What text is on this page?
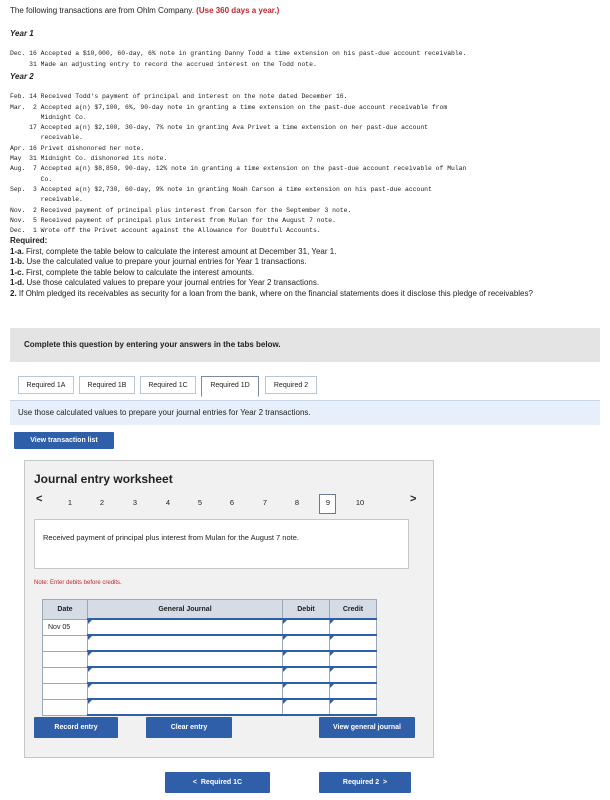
The following transactions are from Ohlm Company. (Use 360 days a year.)
Year 1

Dec. 16 Accepted a $10,000, 60-day, 6% note in granting Danny Todd a time extension on his past-due account receivable.
31 Made an adjusting entry to record the accrued interest on the Todd note.

Year 2

Feb. 14 Received Todd's payment of principal and interest on the note dated December 16.
Mar.  2 Accepted a(n) $7,100, 6%, 90-day note in granting a time extension on the past-due account receivable from
Midnight Co.
17 Accepted a(n) $2,100, 30-day, 7% note in granting Ava Privet a time extension on her past-due account
receivable.
Apr. 16 Privet dishonored her note.
May  31 Midnight Co. dishonored its note.
Aug.  7 Accepted a(n) $8,850, 90-day, 12% note in granting a time extension on the past-due account receivable of Mulan
Co.
Sep.  3 Accepted a(n) $2,730, 60-day, 9% note in granting Noah Carson a time extension on his past-due account
receivable.
Nov.  2 Received payment of principal plus interest from Carson for the September 3 note.
Nov.  5 Received payment of principal plus interest from Mulan for the August 7 note.
Dec.  1 Wrote off the Privet account against the Allowance for Doubtful Accounts.

Required:
1-a. First, complete the table below to calculate the interest amount at December 31, Year 1.
1-b. Use the calculated value to prepare your journal entries for Year 1 transactions.
1-c. First, complete the table below to calculate the interest amounts.
1-d. Use those calculated values to prepare your journal entries for Year 2 transactions.
2. If Ohlm pledged its receivables as security for a loan from the bank, where on the financial statements does it disclose this pledge of receivables?
Complete this question by entering your answers in the tabs below.
Required 1A	Required 1B	Required 1C	Required 1D	Required 2
Use those calculated values to prepare your journal entries for Year 2 transactions.
View transaction list
Journal entry worksheet
<	1	2	3	4	5	6	7	8	9	10	>
Received payment of principal plus interest from Mulan for the August 7 note.
Note: Enter debits before credits.
Date	General Journal	Debit	Credit
Nov 05			

Record entry	Clear entry	View general journal
< Required 1C	Required 2 >
